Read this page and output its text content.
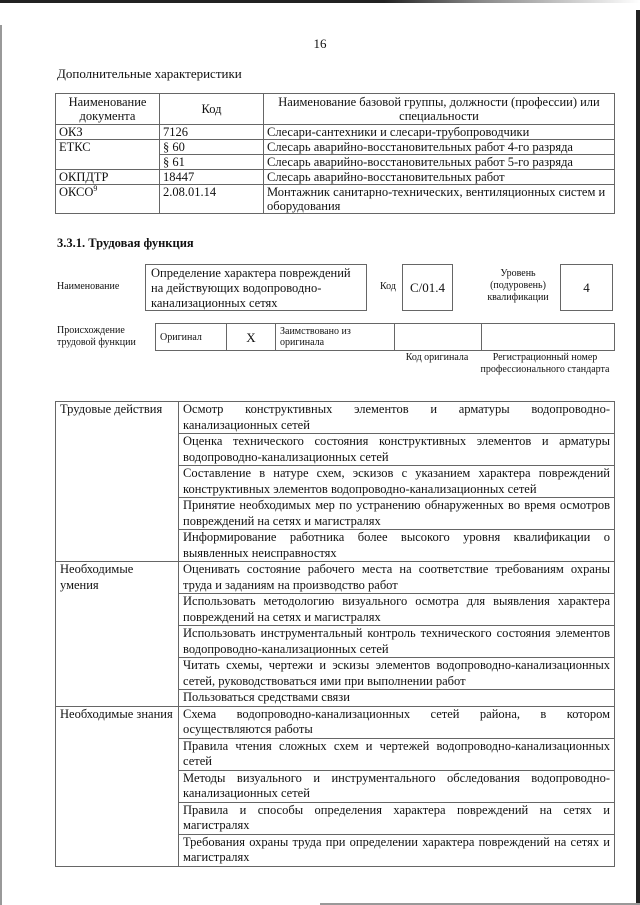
16
Дополнительные характеристики
Наименование документа	Код	Наименование базовой группы, должности (профессии) или специальности
ОКЗ	7126	Слесари-сантехники и слесари-трубопроводчики
ЕТКС	§ 60	Слесарь аварийно-восстановительных работ 4-го разряда
	§ 61	Слесарь аварийно-восстановительных работ 5-го разряда
ОКПДТР	18447	Слесарь аварийно-восстановительных работ
ОКСО$^9$	2.08.01.14	Монтажник санитарно-технических, вентиляционных систем и оборудования
3.3.1. Трудовая функция
Наименование
Определение характера повреждений на действующих водопроводно-канализационных сетях
Код	C/01.4
Уровень (подуровень) квалификации
4
Происхождение трудовой функции	Оригинал	X	Заимствовано из оригинала		
Код оригинала	Регистрационный номер профессионального стандарта
Трудовые действия	Осмотр конструктивных элементов и арматуры водопроводно-канализационных сетей
	Оценка технического состояния конструктивных элементов и арматуры водопроводно-канализационных сетей
	Составление в натуре схем, эскизов с указанием характера повреждений конструктивных элементов водопроводно-канализационных сетей
	Принятие необходимых мер по устранению обнаруженных во время осмотров повреждений на сетях и магистралях
	Информирование работника более высокого уровня квалификации о выявленных неисправностях
Необходимые умения	Оценивать состояние рабочего места на соответствие требованиям охраны труда и заданиям на производство работ
	Использовать методологию визуального осмотра для выявления характера повреждений на сетях и магистралях
	Использовать инструментальный контроль технического состояния элементов водопроводно-канализационных сетей
	Читать схемы, чертежи и эскизы элементов водопроводно-канализационных сетей, руководствоваться ими при выполнении работ
	Пользоваться средствами связи
Необходимые знания	Схема водопроводно-канализационных сетей района, в котором осуществляются работы
	Правила чтения сложных схем и чертежей водопроводно-канализационных сетей
	Методы визуального и инструментального обследования водопроводно-канализационных сетей
	Правила и способы определения характера повреждений на сетях и магистралях
	Требования охраны труда при определении характера повреждений на сетях и магистралях
